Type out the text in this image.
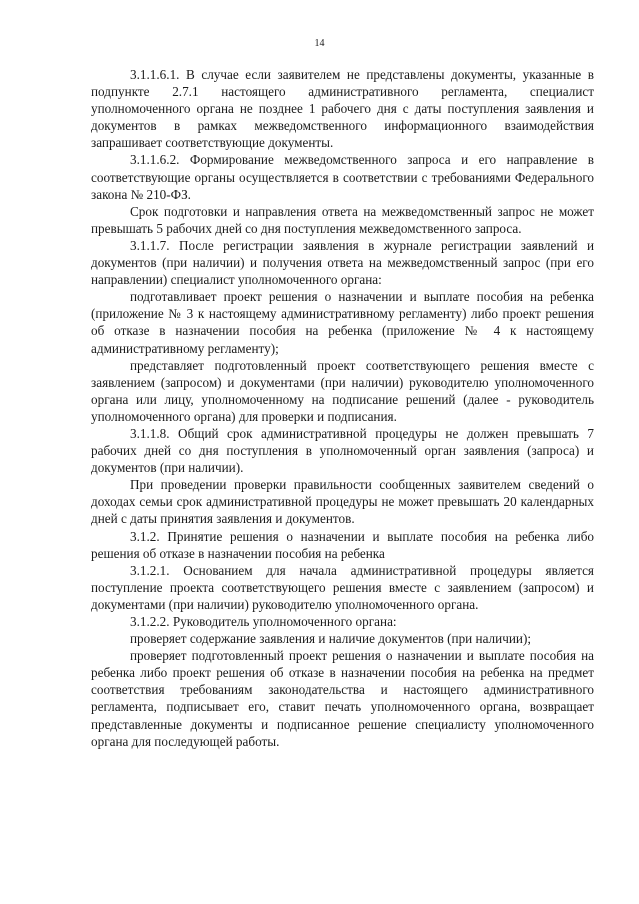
14

3.1.1.6.1. В случае если заявителем не представлены документы, указанные в подпункте 2.7.1 настоящего административного регламента, специалист уполномоченного органа не позднее 1 рабочего дня с даты поступления заявления и документов в рамках межведомственного информационного взаимодействия запрашивает соответствующие документы.

3.1.1.6.2. Формирование межведомственного запроса и его направление в соответствующие органы осуществляется в соответствии с требованиями Федерального закона № 210-ФЗ.

Срок подготовки и направления ответа на межведомственный запрос не может превышать 5 рабочих дней со дня поступления межведомственного запроса.

3.1.1.7. После регистрации заявления в журнале регистрации заявлений и документов (при наличии) и получения ответа на межведомственный запрос (при его направлении) специалист уполномоченного органа:

подготавливает проект решения о назначении и выплате пособия на ребенка (приложение № 3 к настоящему административному регламенту) либо проект решения об отказе в назначении пособия на ребенка (приложение № 4 к настоящему административному регламенту);

представляет подготовленный проект соответствующего решения вместе с заявлением (запросом) и документами (при наличии) руководителю уполномоченного органа или лицу, уполномоченному на подписание решений (далее - руководитель уполномоченного органа) для проверки и подписания.

3.1.1.8. Общий срок административной процедуры не должен превышать 7 рабочих дней со дня поступления в уполномоченный орган заявления (запроса) и документов (при наличии).

При проведении проверки правильности сообщенных заявителем сведений о доходах семьи срок административной процедуры не может превышать 20 календарных дней с даты принятия заявления и документов.

3.1.2. Принятие решения о назначении и выплате пособия на ребенка либо решения об отказе в назначении пособия на ребенка

3.1.2.1. Основанием для начала административной процедуры является поступление проекта соответствующего решения вместе с заявлением (запросом) и документами (при наличии) руководителю уполномоченного органа.

3.1.2.2. Руководитель уполномоченного органа:

проверяет содержание заявления и наличие документов (при наличии);

проверяет подготовленный проект решения о назначении и выплате пособия на ребенка либо проект решения об отказе в назначении пособия на ребенка на предмет соответствия требованиям законодательства и настоящего административного регламента, подписывает его, ставит печать уполномоченного органа, возвращает представленные документы и подписанное решение специалисту уполномоченного органа для последующей работы.
